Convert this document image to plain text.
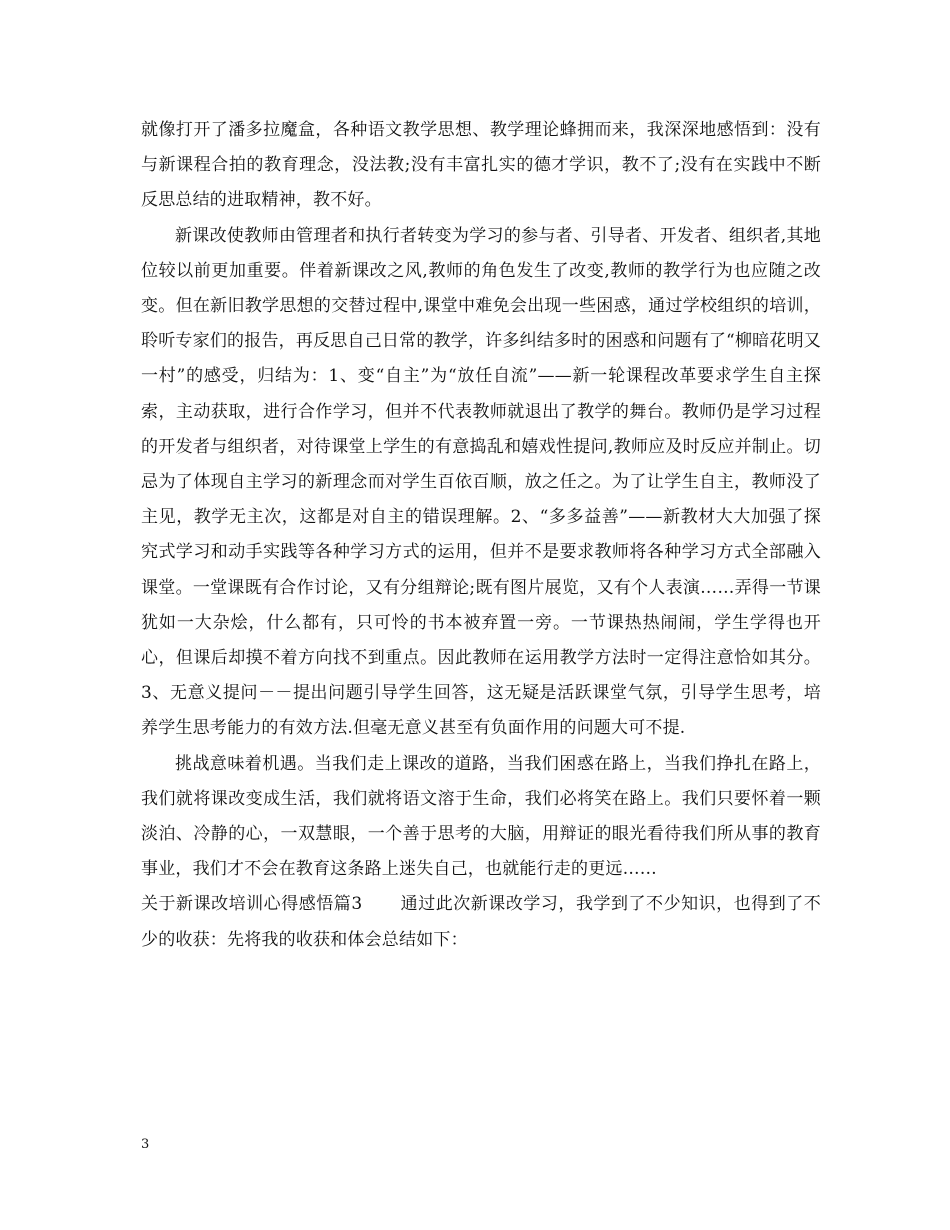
就像打开了潘多拉魔盒，各种语文教学思想、教学理论蜂拥而来，我深深地感悟到：没有与新课程合拍的教育理念，没法教;没有丰富扎实的德才学识，教不了;没有在实践中不断反思总结的进取精神，教不好。

新课改使教师由管理者和执行者转变为学习的参与者、引导者、开发者、组织者,其地位较以前更加重要。伴着新课改之风,教师的角色发生了改变,教师的教学行为也应随之改变。但在新旧教学思想的交替过程中,课堂中难免会出现一些困惑，通过学校组织的培训，聆听专家们的报告，再反思自己日常的教学，许多纠结多时的困惑和问题有了“柳暗花明又一村”的感受，归结为：1、变“自主”为“放任自流”——新一轮课程改革要求学生自主探索，主动获取，进行合作学习，但并不代表教师就退出了教学的舞台。教师仍是学习过程的开发者与组织者，对待课堂上学生的有意捣乱和嬉戏性提问,教师应及时反应并制止。切忌为了体现自主学习的新理念而对学生百依百顺，放之任之。为了让学生自主，教师没了主见，教学无主次，这都是对自主的错误理解。2、“多多益善”——新教材大大加强了探究式学习和动手实践等各种学习方式的运用，但并不是要求教师将各种学习方式全部融入课堂。一堂课既有合作讨论，又有分组辩论;既有图片展览，又有个人表演……弄得一节课犹如一大杂烩，什么都有，只可怜的书本被弃置一旁。一节课热热闹闹，学生学得也开心，但课后却摸不着方向找不到重点。因此教师在运用教学方法时一定得注意恰如其分。3、无意义提问－－提出问题引导学生回答，这无疑是活跃课堂气氛，引导学生思考，培养学生思考能力的有效方法.但毫无意义甚至有负面作用的问题大可不提.

挑战意味着机遇。当我们走上课改的道路，当我们困惑在路上，当我们挣扎在路上，我们就将课改变成生活，我们就将语文溶于生命，我们必将笑在路上。我们只要怀着一颗淡泊、冷静的心，一双慧眼，一个善于思考的大脑，用辩证的眼光看待我们所从事的教育事业，我们才不会在教育这条路上迷失自己，也就能行走的更远……

关于新课改培训心得感悟篇3 通过此次新课改学习，我学到了不少知识，也得到了不少的收获：先将我的收获和体会总结如下：

3
